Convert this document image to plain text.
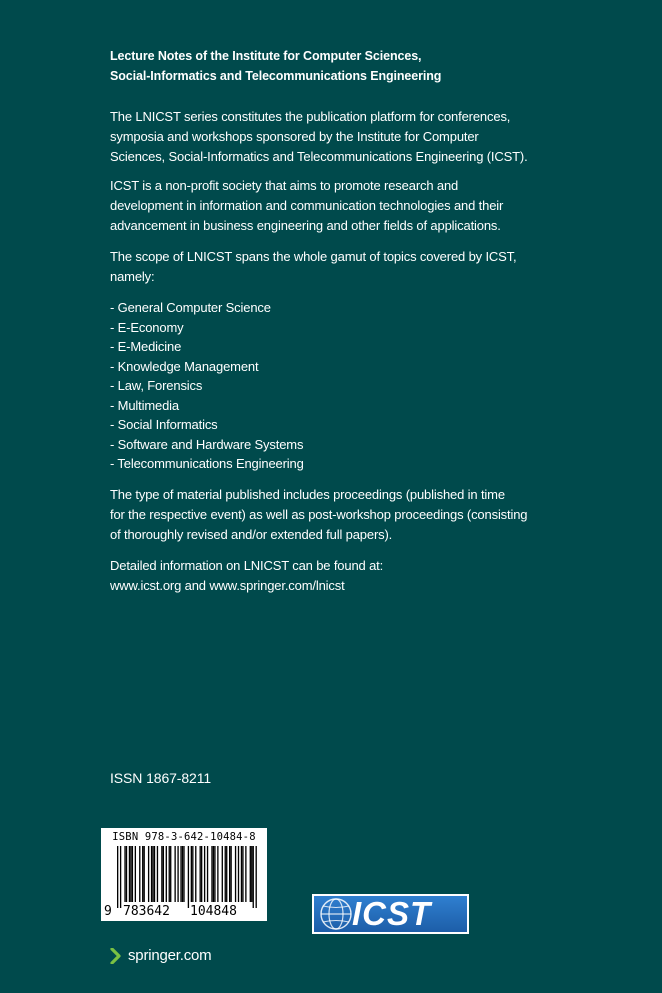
Lecture Notes of the Institute for Computer Sciences,
Social-Informatics and Telecommunications Engineering

The LNICST series constitutes the publication platform for conferences,
symposia and workshops sponsored by the Institute for Computer
Sciences, Social-Informatics and Telecommunications Engineering (ICST).

ICST is a non-profit society that aims to promote research and
development in information and communication technologies and their
advancement in business engineering and other fields of applications.

The scope of LNICST spans the whole gamut of topics covered by ICST,
namely:

- General Computer Science
- E-Economy
- E-Medicine
- Knowledge Management
- Law, Forensics
- Multimedia
- Social Informatics
- Software and Hardware Systems
- Telecommunications Engineering

The type of material published includes proceedings (published in time
for the respective event) as well as post-workshop proceedings (consisting
of thoroughly revised and/or extended full papers).

Detailed information on LNICST can be found at:
www.icst.org and www.springer.com/lnicst

ISSN 1867-8211
ISBN 978-3-642-10484-8
9 783642 104848	ICST
springer.com
